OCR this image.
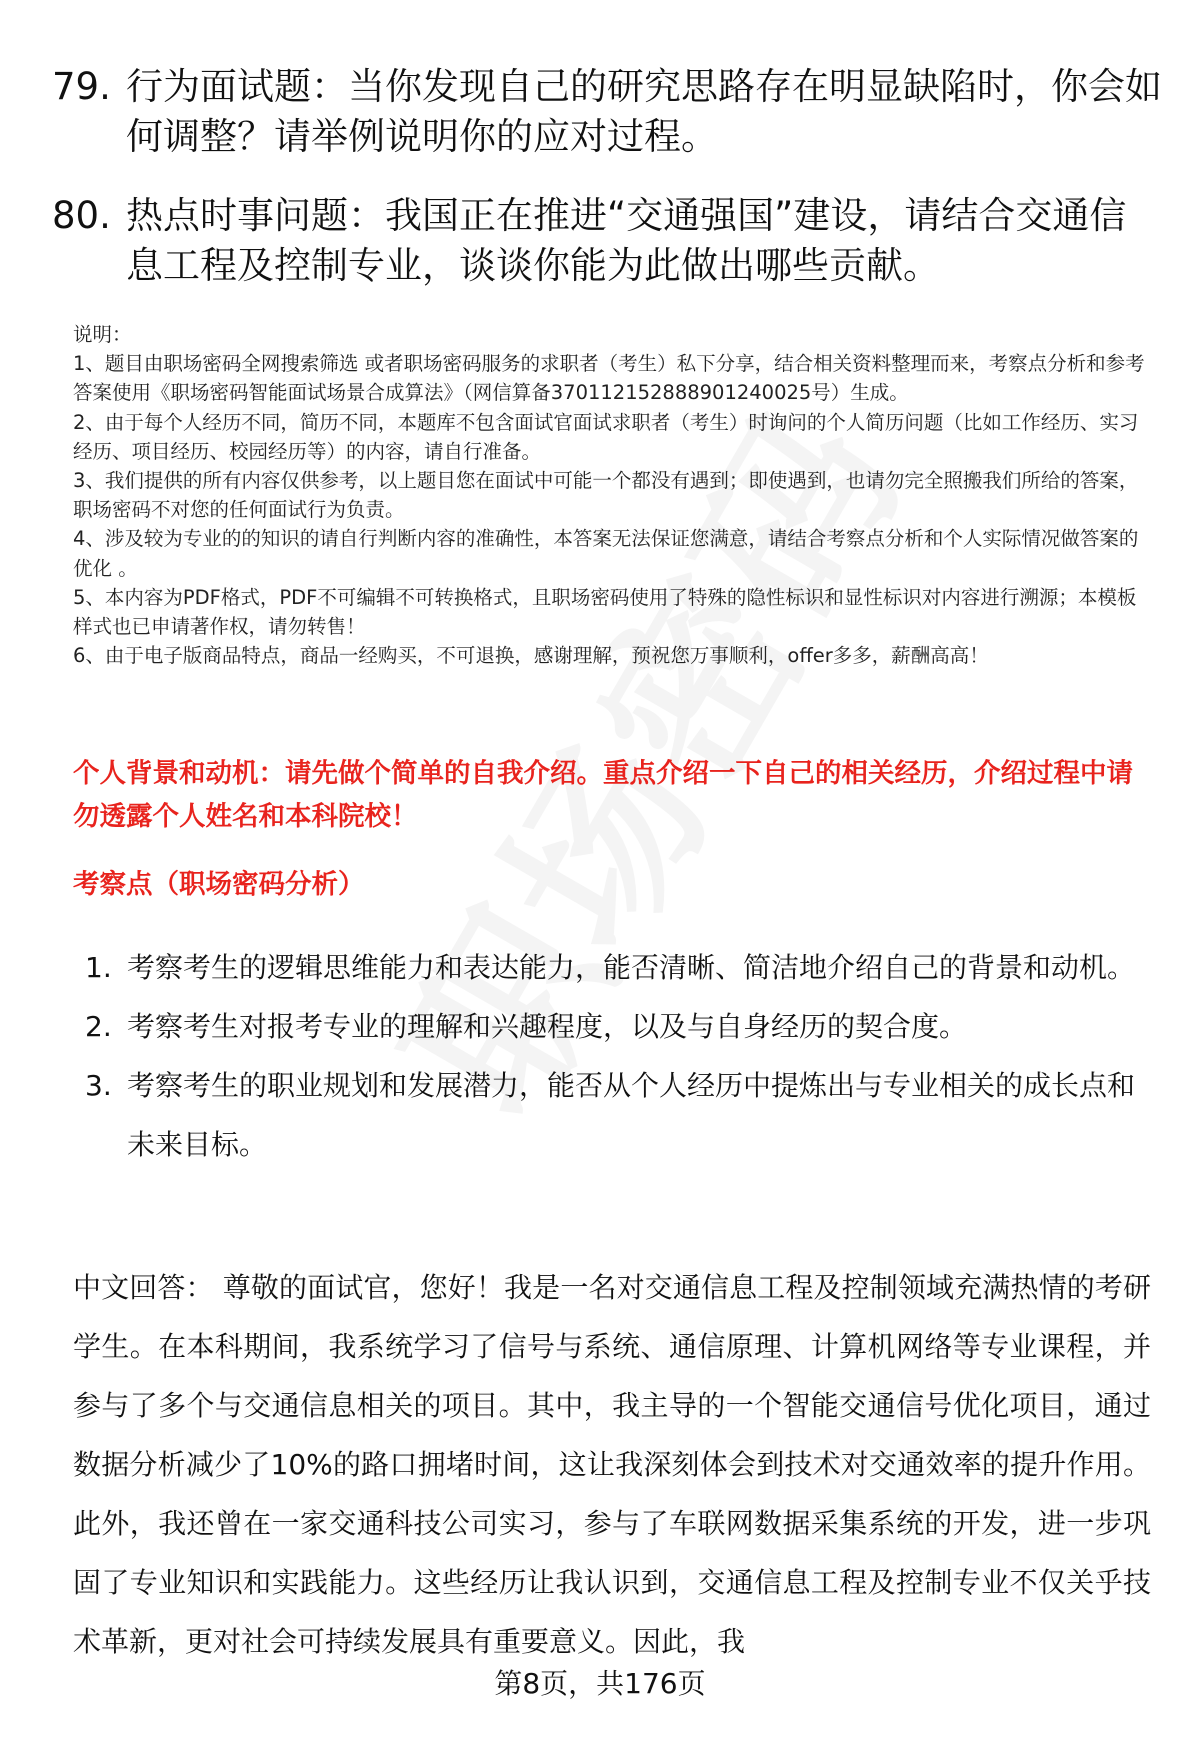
79. 行为面试题：当你发现自己的研究思路存在明显缺陷时，你会如何调整？请举例说明你的应对过程。
80. 热点时事问题：我国正在推进“交通强国”建设，请结合交通信息工程及控制专业，谈谈你能为此做出哪些贡献。
说明：
1、题目由职场密码全网搜索筛选 或者职场密码服务的求职者（考生）私下分享，结合相关资料整理而来，考察点分析和参考答案使用《职场密码智能面试场景合成算法》（网信算备370112152888901240025号）生成。
2、由于每个人经历不同，简历不同，本题库不包含面试官面试求职者（考生）时询问的个人简历问题（比如工作经历、实习经历、项目经历、校园经历等）的内容，请自行准备。
3、我们提供的所有内容仅供参考，以上题目您在面试中可能一个都没有遇到；即使遇到，也请勿完全照搬我们所给的答案，职场密码不对您的任何面试行为负责。
4、涉及较为专业的的知识的请自行判断内容的准确性，本答案无法保证您满意，请结合考察点分析和个人实际情况做答案的优化 。
5、本内容为PDF格式，PDF不可编辑不可转换格式，且职场密码使用了特殊的隐性标识和显性标识对内容进行溯源；本模板样式也已申请著作权，请勿转售！
6、由于电子版商品特点，商品一经购买，不可退换，感谢理解，预祝您万事顺利，offer多多，薪酬高高！
个人背景和动机：请先做个简单的自我介绍。重点介绍一下自己的相关经历，介绍过程中请勿透露个人姓名和本科院校！
考察点（职场密码分析）
1. 考察考生的逻辑思维能力和表达能力，能否清晰、简洁地介绍自己的背景和动机。
2. 考察考生对报考专业的理解和兴趣程度，以及与自身经历的契合度。
3. 考察考生的职业规划和发展潜力，能否从个人经历中提炼出与专业相关的成长点和未来目标。
中文回答： 尊敬的面试官，您好！我是一名对交通信息工程及控制领域充满热情的考研学生。在本科期间，我系统学习了信号与系统、通信原理、计算机网络等专业课程，并参与了多个与交通信息相关的项目。其中，我主导的一个智能交通信号优化项目，通过数据分析减少了10%的路口拥堵时间，这让我深刻体会到技术对交通效率的提升作用。此外，我还曾在一家交通科技公司实习，参与了车联网数据采集系统的开发，进一步巩固了专业知识和实践能力。这些经历让我认识到，交通信息工程及控制专业不仅关乎技术革新，更对社会可持续发展具有重要意义。因此，我
第8页，共176页
